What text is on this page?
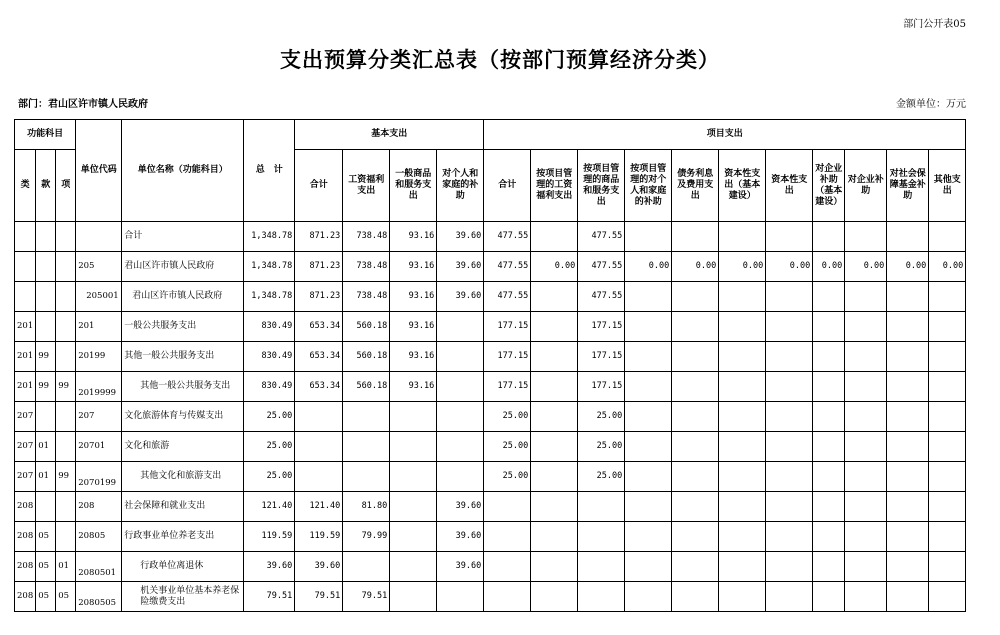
部门公开表05
支出预算分类汇总表（按部门预算经济分类）
部门：君山区许市镇人民政府	金额单位：万元
功能科目			单位代码	单位名称（功能科目）	总　计	基本支出				项目支出										
类	款	项				合计	工资福利支出	一般商品和服务支出	对个人和家庭的补助	合计	按项目管理的工资福利支出	按项目管理的商品和服务支出	按项目管理的对个人和家庭的补助	债务利息及费用支出	资本性支出（基本建设）	资本性支出	对企业补助（基本建设）	对企业补助	对社会保障基金补助	其他支出
				合计	1,348.78	871.23	738.48	93.16	39.60	477.55		477.55								
			205	君山区许市镇人民政府	1,348.78	871.23	738.48	93.16	39.60	477.55	0.00	477.55	0.00	0.00	0.00	0.00	0.00	0.00	0.00	0.00
			205001	君山区许市镇人民政府	1,348.78	871.23	738.48	93.16	39.60	477.55		477.55								
201			201	一般公共服务支出	830.49	653.34	560.18	93.16		177.15		177.15								
201	99		20199	其他一般公共服务支出	830.49	653.34	560.18	93.16		177.15		177.15								
201	99	99	2019999	其他一般公共服务支出	830.49	653.34	560.18	93.16		177.15		177.15								
207			207	文化旅游体育与传媒支出	25.00					25.00		25.00								
207	01		20701	文化和旅游	25.00					25.00		25.00								
207	01	99	2070199	其他文化和旅游支出	25.00					25.00		25.00								
208			208	社会保障和就业支出	121.40	121.40	81.80		39.60											
208	05		20805	行政事业单位养老支出	119.59	119.59	79.99		39.60											
208	05	01	2080501	行政单位离退休	39.60	39.60			39.60											
208	05	05	2080505	机关事业单位基本养老保险缴费支出	79.51	79.51	79.51													
